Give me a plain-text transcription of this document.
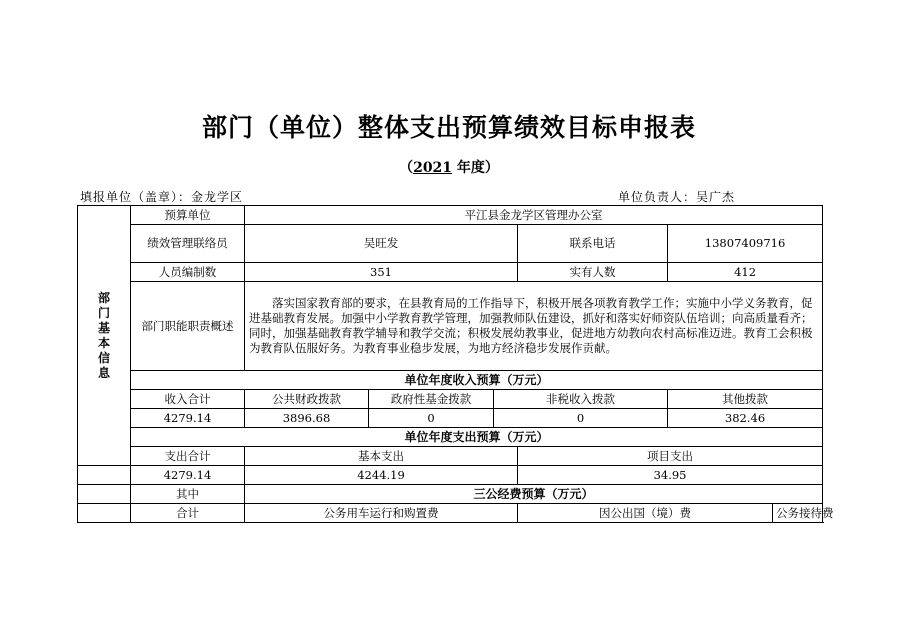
部门（单位）整体支出预算绩效目标申报表
（2021 年度）
填报单位（盖章）：金龙学区	单位负责人：吴广杰
部门基本信息	预算单位	平江县金龙学区管理办公室					
	绩效管理联络员	吴旺发			联系电话	13807409716	
	人员编制数	351			实有人数	412	
	部门职能职责概述	落实国家教育部的要求，在县教育局的工作指导下，积极开展各项教育教学工作；实施中小学义务教育，促进基础教育发展。加强中小学教育教学管理，加强教师队伍建设，抓好和落实好师资队伍培训；向高质量看齐；同时，加强基础教育教学辅导和教学交流；积极发展幼教事业，促进地方幼教向农村高标准迈进。教育工会积极为教育队伍服好务。为教育事业稳步发展，为地方经济稳步发展作贡献。					
	单位年度收入预算（万元）						
	收入合计	公共财政拨款	政府性基金拨款	非税收入拨款		其他拨款	
	4279.14	3896.68	0	0		382.46	
	单位年度支出预算（万元）						
	支出合计	基本支出			项目支出		
	4279.14	4244.19			34.95		
	其中	三公经费预算（万元）					
	合计	公务用车运行和购置费			因公出国（境）费		公务接待费
